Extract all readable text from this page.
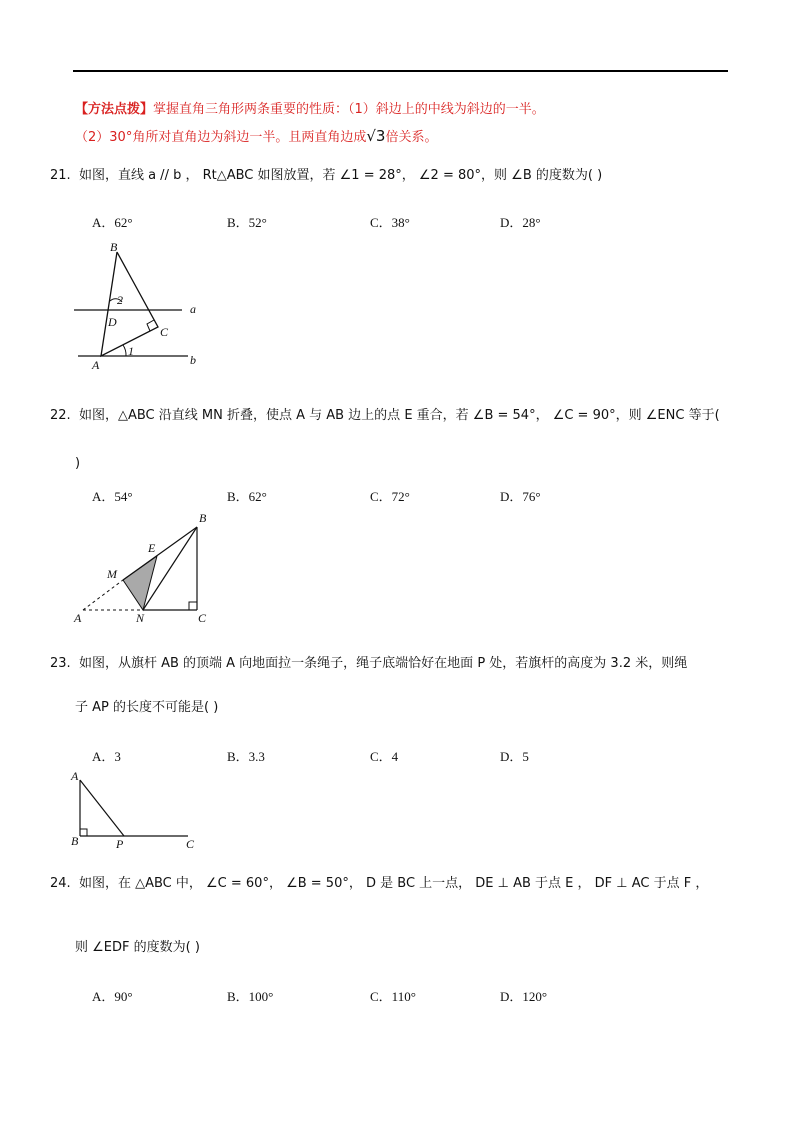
【方法点拨】掌握直角三角形两条重要的性质：（1）斜边上的中线为斜边的一半。
（2）30°角所对直角边为斜边一半。且两直角边成√3倍关系。
21. 如图，直线 a // b ， Rt△ABC 如图放置，若 ∠1 = 28°， ∠2 = 80°，则 ∠B 的度数为( )
A．62°	B．52°	C．38°	D．28°
B
2
D
C
a
A
1
b
22. 如图，△ABC 沿直线 MN 折叠，使点 A 与 AB 边上的点 E 重合，若 ∠B = 54°， ∠C = 90°，则 ∠ENC 等于(
)
A．54°	B．62°	C．72°	D．76°
B
E
M
A	N	C
23. 如图，从旗杆 AB 的顶端 A 向地面拉一条绳子，绳子底端恰好在地面 P 处，若旗杆的高度为 3.2 米，则绳
子 AP 的长度不可能是( )
A．3	B．3.3	C．4	D．5
A
B	P	C
24. 如图，在 △ABC 中， ∠C = 60°， ∠B = 50°， D 是 BC 上一点， DE ⊥ AB 于点 E ， DF ⊥ AC 于点 F ，
则 ∠EDF 的度数为( )
A．90°	B．100°	C．110°	D．120°
